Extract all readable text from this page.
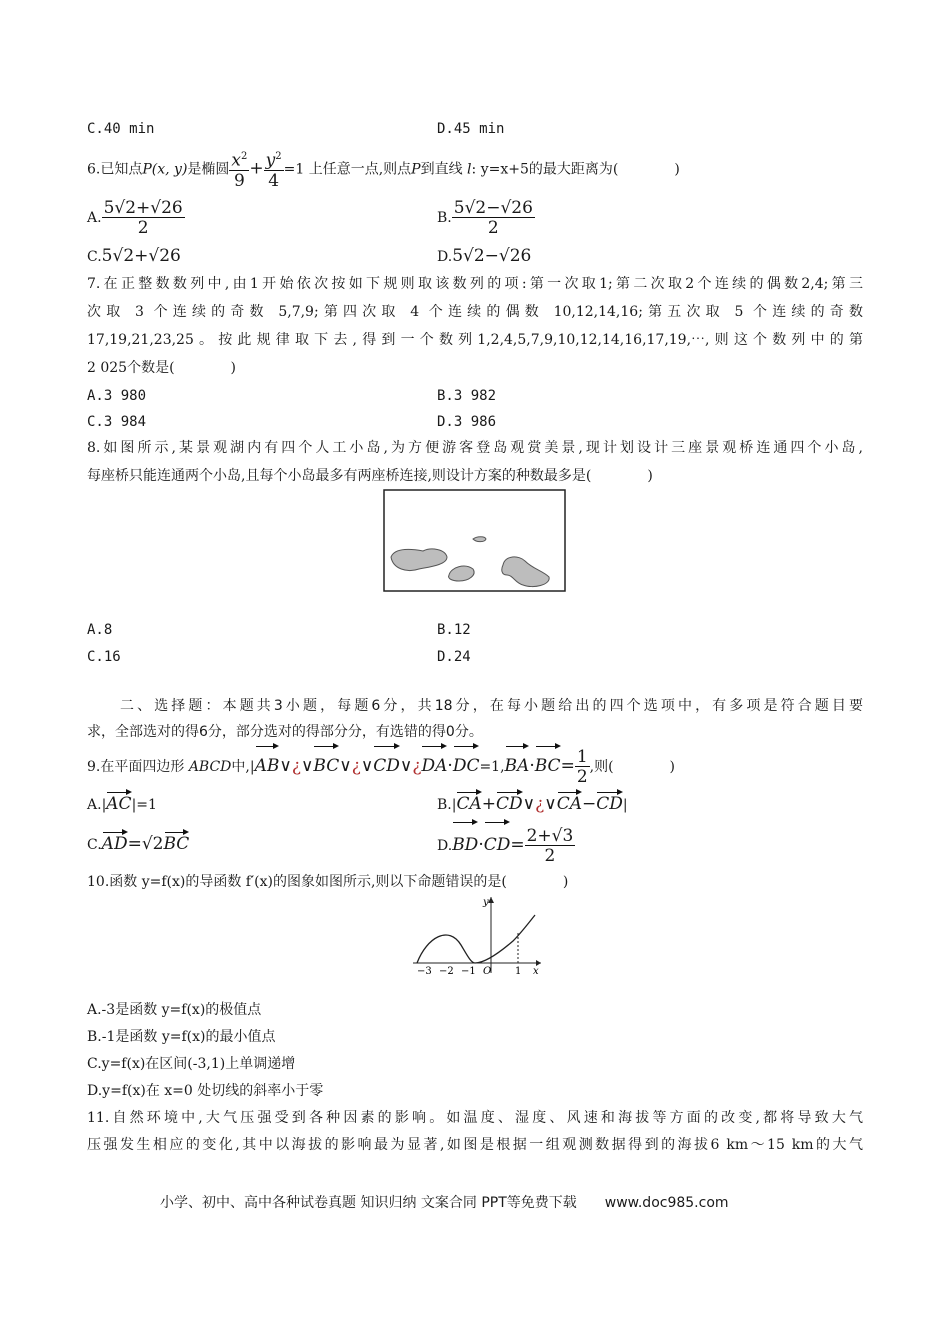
C.40 min	D.45 min
6.已知点P(x, y)是椭圆 $\frac{x^2}{9} + \frac{y^2}{4} =1$ 上任意一点,则点P到直线 l: y=x+5的最大距离为(　　　　)
A. $\frac{5√2+√26}{2}$	B. $\frac{5√2-√26}{2}$
C.5√2+√26	D.5√2−√26
7.在正整数数列中,由1开始依次按如下规则取该数列的项:第一次取1;第二次取2个连续的偶数2,4;第三
次取 3 个连续的奇数 5,7,9;第四次取 4 个连续的偶数 10,12,14,16;第五次取 5 个连续的奇数
17,19,21,23,25。按此规律取下去,得到一个数列1,2,4,5,7,9,10,12,14,16,17,19,⋯,则这个数列中的第
2 025个数是(　　　　)
A.3 980	B.3 982
C.3 984	D.3 986
8.如图所示,某景观湖内有四个人工小岛,为方便游客登岛观赏美景,现计划设计三座景观桥连通四个小岛,
每座桥只能连通两个小岛,且每个小岛最多有两座桥连接,则设计方案的种数最多是(　　　　)
A.8	B.12
C.16	D.24
二、选择题：本题共3小题，每题6分，共18分，在每小题给出的四个选项中，有多项是符合题目要
求，全部选对的得6分，部分选对的得部分分，有选错的得0分。
9.在平面四边形 ABCD中,|AB∨¿∨BC∨¿∨CD∨¿DA·DC=1,BA·BC= $\frac{1}{2}$ ,则(　　　　)
A.|AC|=1	B.|CA+CD∨¿∨CA−CD|
C.AD=√2BC	$D.BD\cdot CD= \frac{2+√3}{2}$
10.函数 y=f(x)的导函数 f′(x)的图象如图所示,则以下命题错误的是(　　　　)
y
x
O
−3 −2 −1	1
A.-3是函数 y=f(x)的极值点
B.-1是函数 y=f(x)的最小值点
C.y=f(x)在区间(-3,1)上单调递增
D.y=f(x)在 x=0 处切线的斜率小于零
11.自然环境中,大气压强受到各种因素的影响。如温度、湿度、风速和海拔等方面的改变,都将导致大气
压强发生相应的变化,其中以海拔的影响最为显著,如图是根据一组观测数据得到的海拔6 km～15 km的大气
小学、初中、高中各种试卷真题 知识归纳 文案合同 PPT等免费下载　　www.doc985.com
